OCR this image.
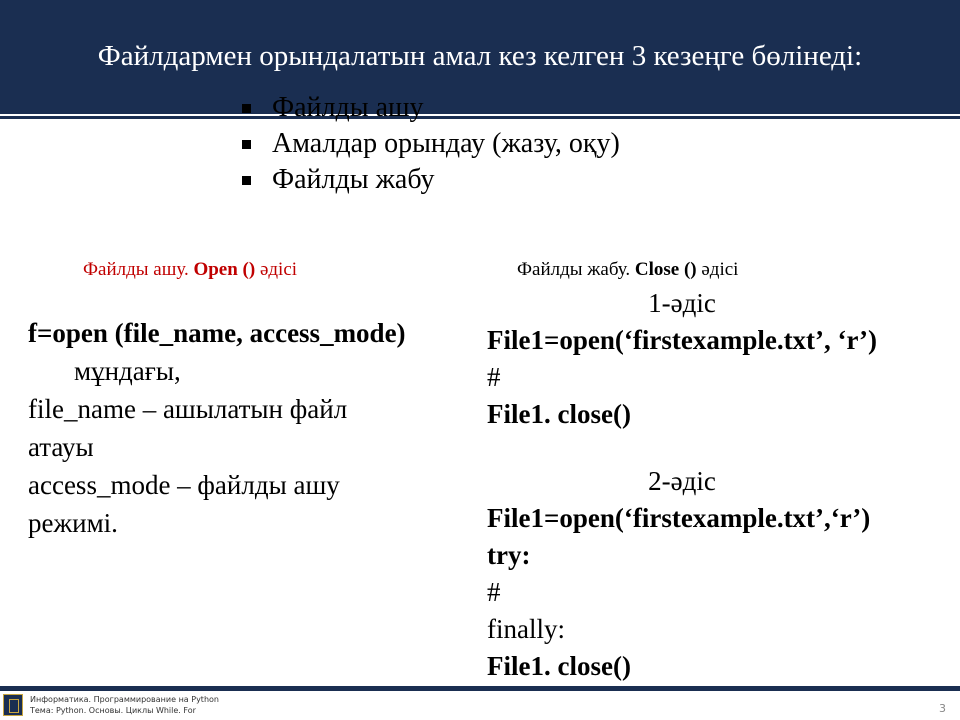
Файлдармен орындалатын амал кез келген 3 кезеңге бөлінеді:
Файлды ашу
Амалдар орындау (жазу, оқу)
Файлды жабу
Файлды ашу. Open () әдісі	Файлды жабу. Close () әдісі

f=open (file_name, access_mode)

мұндағы,

file_name – ашылатын файл

атауы

access_mode – файлды ашу

режимі.

1-әдіс

File1=open(‘firstexample.txt’, ‘r’)

#

File1. close()

2-әдіс

File1=open(‘firstexample.txt’,‘r’)

try:

#

finally:

File1. close()

Информатика. Программирование на Python
Тема: Python. Основы. Циклы While. For	3
